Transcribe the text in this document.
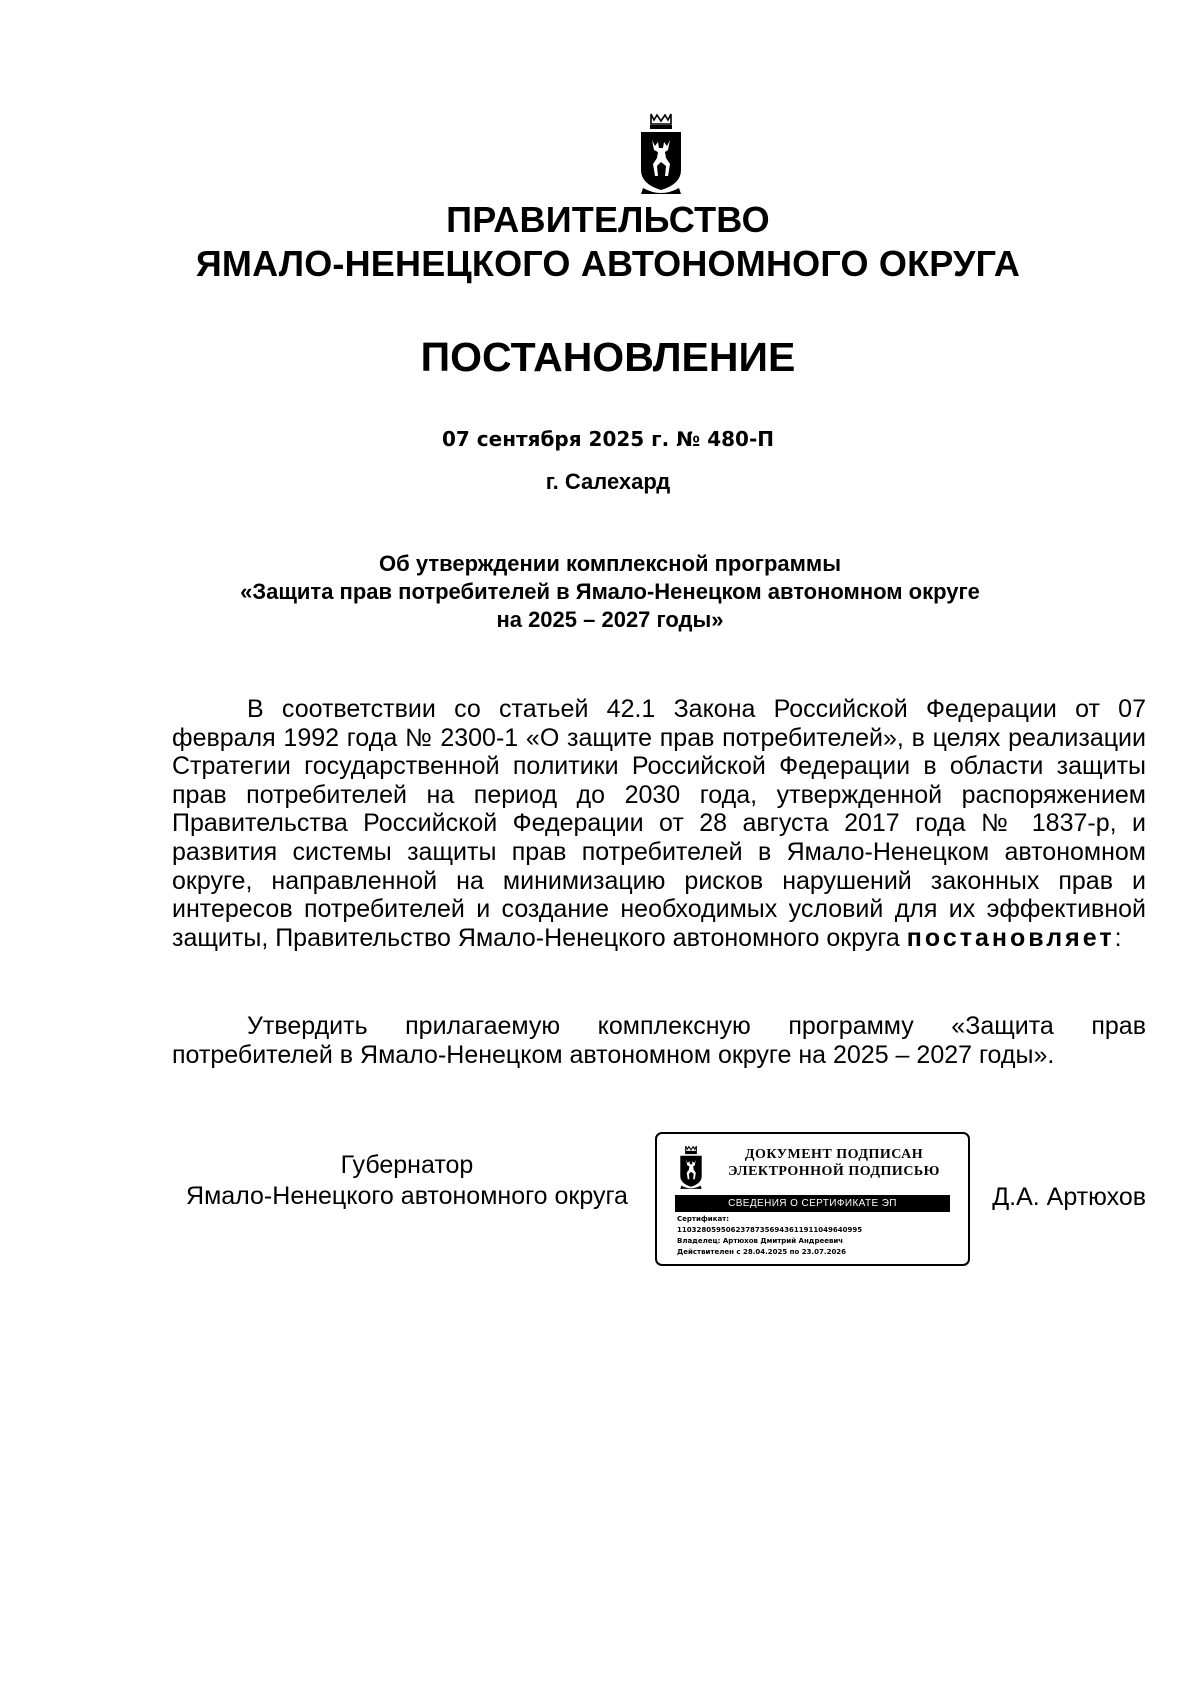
ПРАВИТЕЛЬСТВО
ЯМАЛО-НЕНЕЦКОГО АВТОНОМНОГО ОКРУГА
ПОСТАНОВЛЕНИЕ
07 сентября 2025 г. № 480-П
г. Салехард
Об утверждении комплексной программы
«Защита прав потребителей в Ямало-Ненецком автономном округе
на 2025 – 2027 годы»

В соответствии со статьей 42.1 Закона Российской Федерации от 07 февраля 1992 года № 2300-1 «О защите прав потребителей», в целях реализации Стратегии государственной политики Российской Федерации в области защиты прав потребителей на период до 2030 года, утвержденной распоряжением Правительства Российской Федерации от 28 августа 2017 года № 1837-р, и развития системы защиты прав потребителей в Ямало-Ненецком автономном округе, направленной на минимизацию рисков нарушений законных прав и интересов потребителей и создание необходимых условий для их эффективной защиты, Правительство Ямало-Ненецкого автономного округа постановляет:

Утвердить прилагаемую комплексную программу «Защита прав потребителей в Ямало-Ненецком автономном округе на 2025 – 2027 годы».

Губернатор
Ямало-Ненецкого автономного округа
ДОКУМЕНТ ПОДПИСАН
ЭЛЕКТРОННОЙ ПОДПИСЬЮ
СВЕДЕНИЯ О СЕРТИФИКАТЕ ЭП
Сертификат:
11032805950623787356943611911049640995
Владелец: Артюхов Дмитрий Андреевич
Действителен с 28.04.2025 по 23.07.2026
Д.А. Артюхов
